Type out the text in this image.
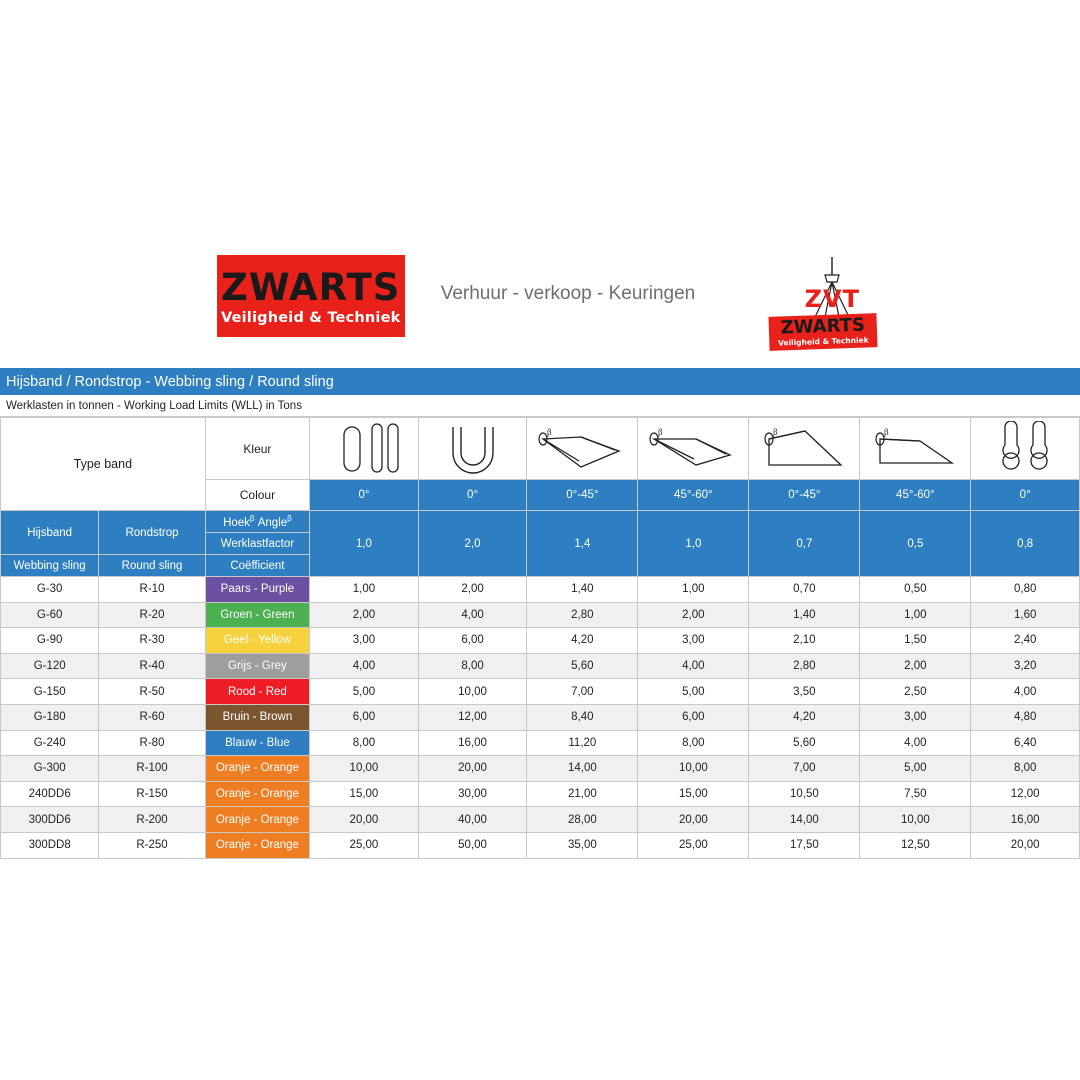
ZWARTS
Veiligheid & Techniek
Verhuur - verkoop - Keuringen	ZVT
ZWARTS
Veiligheid & Techniek
Hijsband / Rondstrop - Webbing sling / Round sling
Werklasten in tonnen - Working Load Limits (WLL) in Tons
Type band		Kleur			β	β	β	β

		Colour	0°	0°	0°-45°	45°-60°	0°-45°	45°-60°	0°

Hijsband	Rondstrop	Hoek$^\beta$ Angle$^\beta$	1,0	2,0	1,4	1,0	0,7	0,5	0,8
		Werklastfactor							
Webbing sling	Round sling	Coëfficient							
G-30	R-10	Paars - Purple	1,00	2,00	1,40	1,00	0,70	0,50	0,80
G-60	R-20	Groen - Green	2,00	4,00	2,80	2,00	1,40	1,00	1,60
G-90	R-30	Geel - Yellow	3,00	6,00	4,20	3,00	2,10	1,50	2,40
G-120	R-40	Grijs - Grey	4,00	8,00	5,60	4,00	2,80	2,00	3,20
G-150	R-50	Rood - Red	5,00	10,00	7,00	5,00	3,50	2,50	4,00
G-180	R-60	Bruin - Brown	6,00	12,00	8,40	6,00	4,20	3,00	4,80
G-240	R-80	Blauw - Blue	8,00	16,00	11,20	8,00	5,60	4,00	6,40
G-300	R-100	Oranje - Orange	10,00	20,00	14,00	10,00	7,00	5,00	8,00
240DD6	R-150	Oranje - Orange	15,00	30,00	21,00	15,00	10,50	7,50	12,00
300DD6	R-200	Oranje - Orange	20,00	40,00	28,00	20,00	14,00	10,00	16,00
300DD8	R-250	Oranje - Orange	25,00	50,00	35,00	25,00	17,50	12,50	20,00
